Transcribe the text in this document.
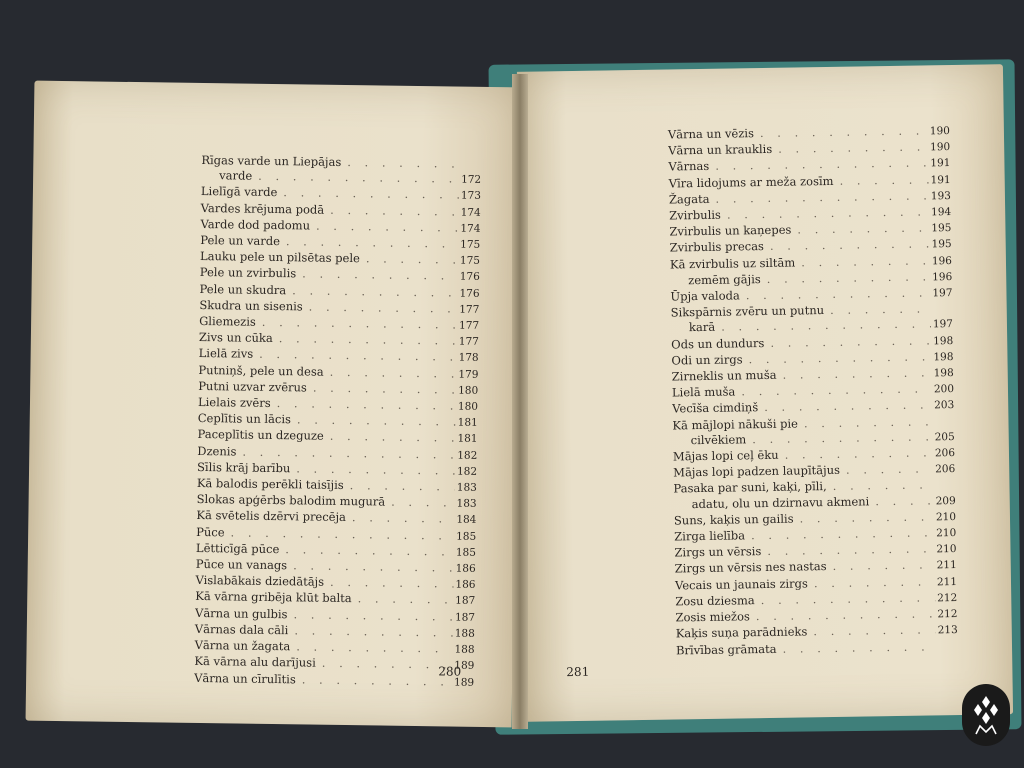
Rīgas varde un Liepājas
. . .
varde . . .	172
Lielīgā varde . . .	173
Vardes krējuma podā . . .	174
Varde dod padomu . . .	174
Pele un varde . . .	175
Lauku pele un pilsētas pele . . .	175
Pele un zvirbulis . . .	176
Pele un skudra . . .	176
Skudra un sisenis . . .	177
Gliemezis . . .	177
Zivs un cūka . . .	177
Lielā zivs . . .	178
Putniņš, pele un desa . . .	179
Putni uzvar zvērus . . .	180
Lielais zvērs . . .	180
Ceplītis un lācis . . .	181
Paceplītis un dzeguze . . .	181
Dzenis . . .	182
Sīlis krāj barību . . .	182
Kā balodis perēkli taisījis . . .	183
Slokas apģērbs balodim mugurā . . .	183
Kā svētelis dzērvi precēja . . .	184
Pūce . . .	185
Lētticīgā pūce . . .	185
Pūce un vanags . . .	186
Vislabākais dziedātājs . . .	186
Kā vārna gribēja klūt balta . . .	187
Vārna un gulbis . . .	187
Vārnas dala cāli . . .	188
Vārna un žagata . . .	188
Kā vārna alu darījusi . . .	189
Vārna un cīrulītis . . .	189
280
Vārna un vēzis . . .	190
Vārna un krauklis . . .	190
Vārnas . . .	191
Vīra lidojums ar meža zosīm . . .	191
Žagata . . .	193
Zvirbulis . . .	194
Zvirbulis un kaņepes . . .	195
Zvirbulis precas . . .	195
Kā zvirbulis uz siltām . . .	196
zemēm gājis . . .	196
Ūpja valoda . . .	197
Sikspārnis zvēru un putnu
. . .
karā . . .	197
Ods un dundurs . . .	198
Odi un zirgs . . .	198
Zirneklis un muša . . .	198
Lielā muša . . .	200
Vecīša cimdiņš . . .	203
Kā mājlopi nākuši pie
. . .
cilvēkiem . . .	205
Mājas lopi ceļ ēku . . .	206
Mājas lopi padzen laupītājus . . .	206
Pasaka par suni, kaķi, pīli,
. . .
adatu, olu un dzirnavu akmeni . . .	209
Suns, kaķis un gailis . . .	210
Zirga lielība . . .	210
Zirgs un vērsis . . .	210
Zirgs un vērsis nes nastas . . .	211
Vecais un jaunais zirgs . . .	211
Zosu dziesma . . .	212
Zosis miežos . . .	212
Kaķis suņa parādnieks . . .	213
Brīvības grāmata
. . .
281
